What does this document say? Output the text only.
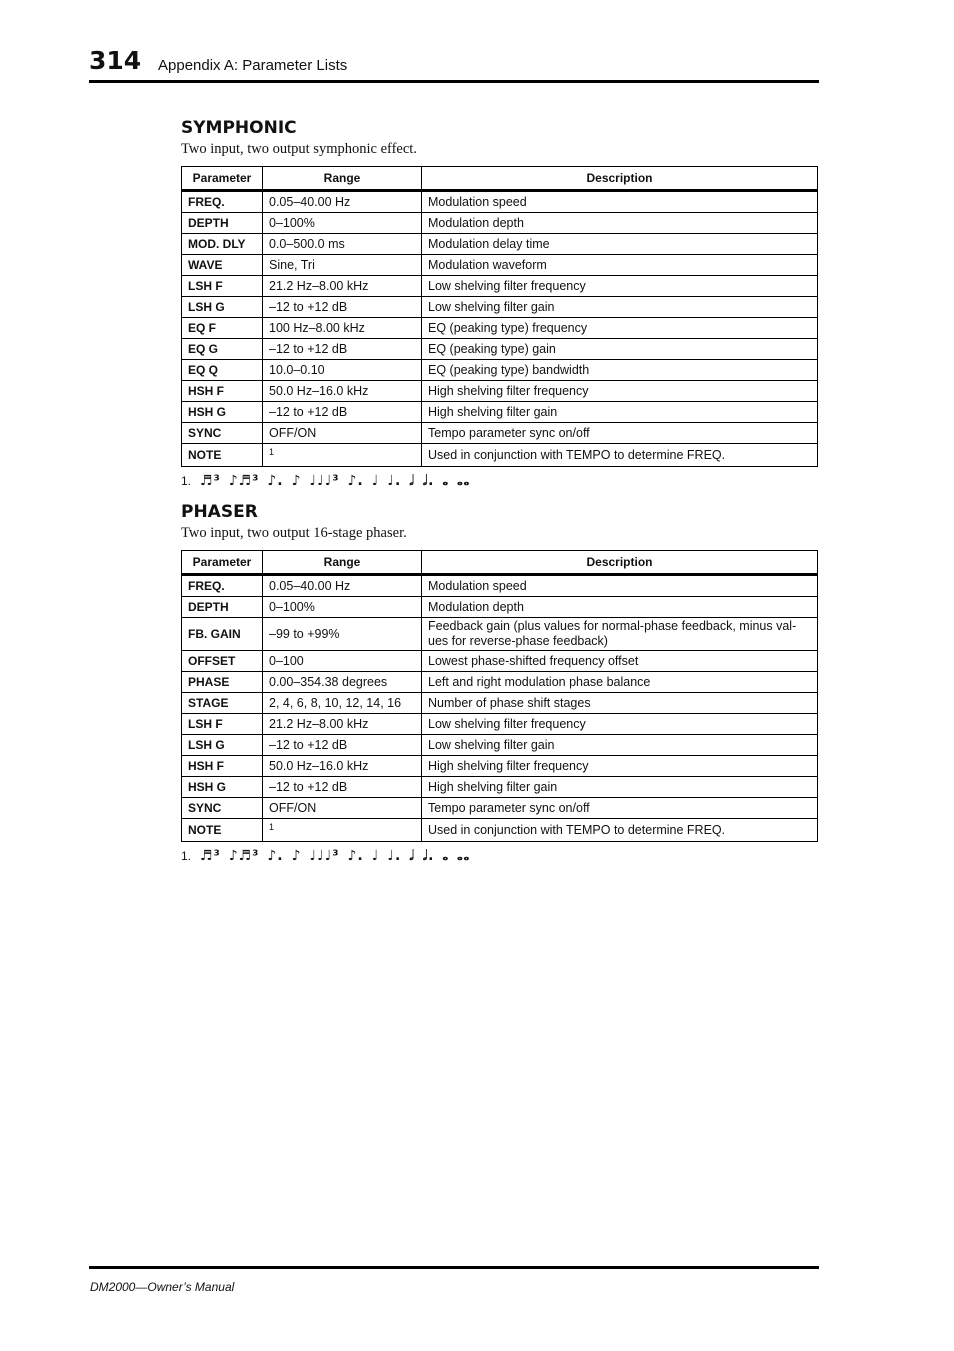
314 Appendix A: Parameter Lists
SYMPHONIC

Two input, two output symphonic effect.

Parameter	Range	Description
FREQ.	0.05–40.00 Hz	Modulation speed
DEPTH	0–100%	Modulation depth
MOD. DLY	0.0–500.0 ms	Modulation delay time
WAVE	Sine, Tri	Modulation waveform
LSH F	21.2 Hz–8.00 kHz	Low shelving filter frequency
LSH G	–12 to +12 dB	Low shelving filter gain
EQ F	100 Hz–8.00 kHz	EQ (peaking type) frequency
EQ G	–12 to +12 dB	EQ (peaking type) gain
EQ Q	10.0–0.10	EQ (peaking type) bandwidth
HSH F	50.0 Hz–16.0 kHz	High shelving filter frequency
HSH G	–12 to +12 dB	High shelving filter gain
SYNC	OFF/ON	Tempo parameter sync on/off
NOTE	1	Used in conjunction with TEMPO to determine FREQ.
1. ♬³ ♪♬³ ♪. ♪ ♩♩♩³ ♪. ♩ ♩. 𝅗𝅥 𝅗𝅥. 𝅝 𝅝𝅝
PHASER

Two input, two output 16-stage phaser.

Parameter	Range	Description
FREQ.	0.05–40.00 Hz	Modulation speed
DEPTH	0–100%	Modulation depth
FB. GAIN	–99 to +99%	Feedback gain (plus values for normal-phase feedback, minus val-ues for reverse-phase feedback)
OFFSET	0–100	Lowest phase-shifted frequency offset
PHASE	0.00–354.38 degrees	Left and right modulation phase balance
STAGE	2, 4, 6, 8, 10, 12, 14, 16	Number of phase shift stages
LSH F	21.2 Hz–8.00 kHz	Low shelving filter frequency
LSH G	–12 to +12 dB	Low shelving filter gain
HSH F	50.0 Hz–16.0 kHz	High shelving filter frequency
HSH G	–12 to +12 dB	High shelving filter gain
SYNC	OFF/ON	Tempo parameter sync on/off
NOTE	1	Used in conjunction with TEMPO to determine FREQ.
1. ♬³ ♪♬³ ♪. ♪ ♩♩♩³ ♪. ♩ ♩. 𝅗𝅥 𝅗𝅥. 𝅝 𝅝𝅝
DM2000—Owner’s Manual
